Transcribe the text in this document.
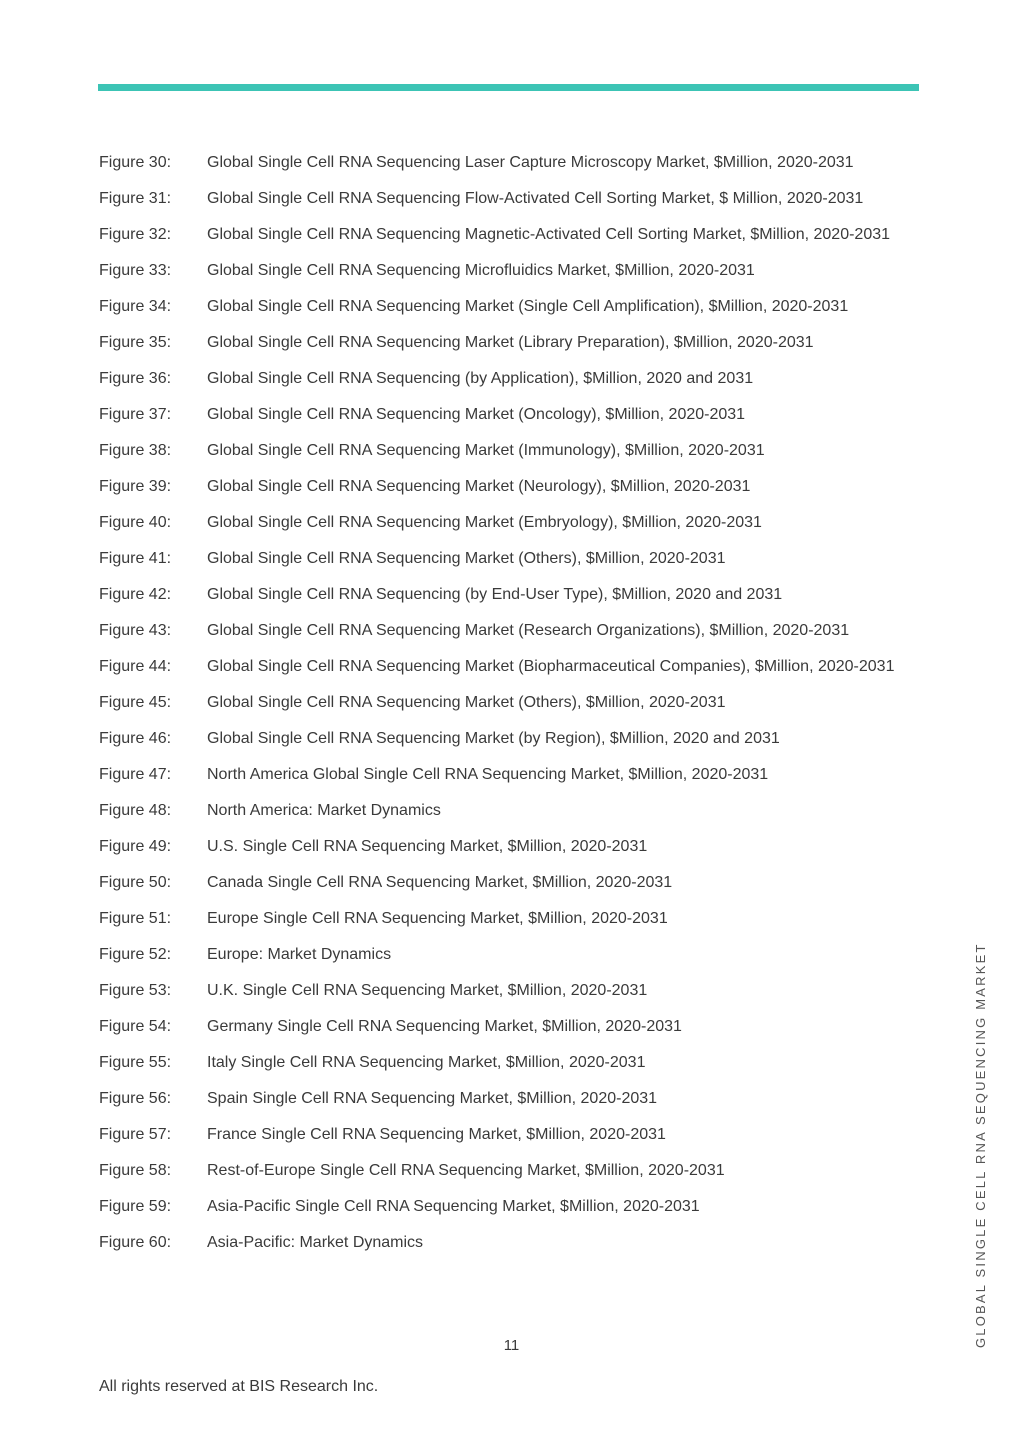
Figure 30:	Global Single Cell RNA Sequencing Laser Capture Microscopy Market, $Million, 2020-2031
Figure 31:	Global Single Cell RNA Sequencing Flow-Activated Cell Sorting Market, $ Million, 2020-2031
Figure 32:	Global Single Cell RNA Sequencing Magnetic-Activated Cell Sorting Market, $Million, 2020-2031
Figure 33:	Global Single Cell RNA Sequencing Microfluidics Market, $Million, 2020-2031
Figure 34:	Global Single Cell RNA Sequencing Market (Single Cell Amplification), $Million, 2020-2031
Figure 35:	Global Single Cell RNA Sequencing Market (Library Preparation), $Million, 2020-2031
Figure 36:	Global Single Cell RNA Sequencing (by Application), $Million, 2020 and 2031
Figure 37:	Global Single Cell RNA Sequencing Market (Oncology), $Million, 2020-2031
Figure 38:	Global Single Cell RNA Sequencing Market (Immunology), $Million, 2020-2031
Figure 39:	Global Single Cell RNA Sequencing Market (Neurology), $Million, 2020-2031
Figure 40:	Global Single Cell RNA Sequencing Market (Embryology), $Million, 2020-2031
Figure 41:	Global Single Cell RNA Sequencing Market (Others), $Million, 2020-2031
Figure 42:	Global Single Cell RNA Sequencing (by End-User Type), $Million, 2020 and 2031
Figure 43:	Global Single Cell RNA Sequencing Market (Research Organizations), $Million, 2020-2031
Figure 44:	Global Single Cell RNA Sequencing Market (Biopharmaceutical Companies), $Million, 2020-2031
Figure 45:	Global Single Cell RNA Sequencing Market (Others), $Million, 2020-2031
Figure 46:	Global Single Cell RNA Sequencing Market (by Region), $Million, 2020 and 2031
Figure 47:	North America Global Single Cell RNA Sequencing Market, $Million, 2020-2031
Figure 48:	North America: Market Dynamics
Figure 49:	U.S. Single Cell RNA Sequencing Market, $Million, 2020-2031
Figure 50:	Canada Single Cell RNA Sequencing Market, $Million, 2020-2031
Figure 51:	Europe Single Cell RNA Sequencing Market, $Million, 2020-2031
Figure 52:	Europe: Market Dynamics
Figure 53:	U.K. Single Cell RNA Sequencing Market, $Million, 2020-2031
Figure 54:	Germany Single Cell RNA Sequencing Market, $Million, 2020-2031
Figure 55:	Italy Single Cell RNA Sequencing Market, $Million, 2020-2031
Figure 56:	Spain Single Cell RNA Sequencing Market, $Million, 2020-2031
Figure 57:	France Single Cell RNA Sequencing Market, $Million, 2020-2031
Figure 58:	Rest-of-Europe Single Cell RNA Sequencing Market, $Million, 2020-2031
Figure 59:	Asia-Pacific Single Cell RNA Sequencing Market, $Million, 2020-2031
Figure 60:	Asia-Pacific: Market Dynamics
11
All rights reserved at BIS Research Inc.
GLOBAL SINGLE CELL RNA SEQUENCING MARKET
